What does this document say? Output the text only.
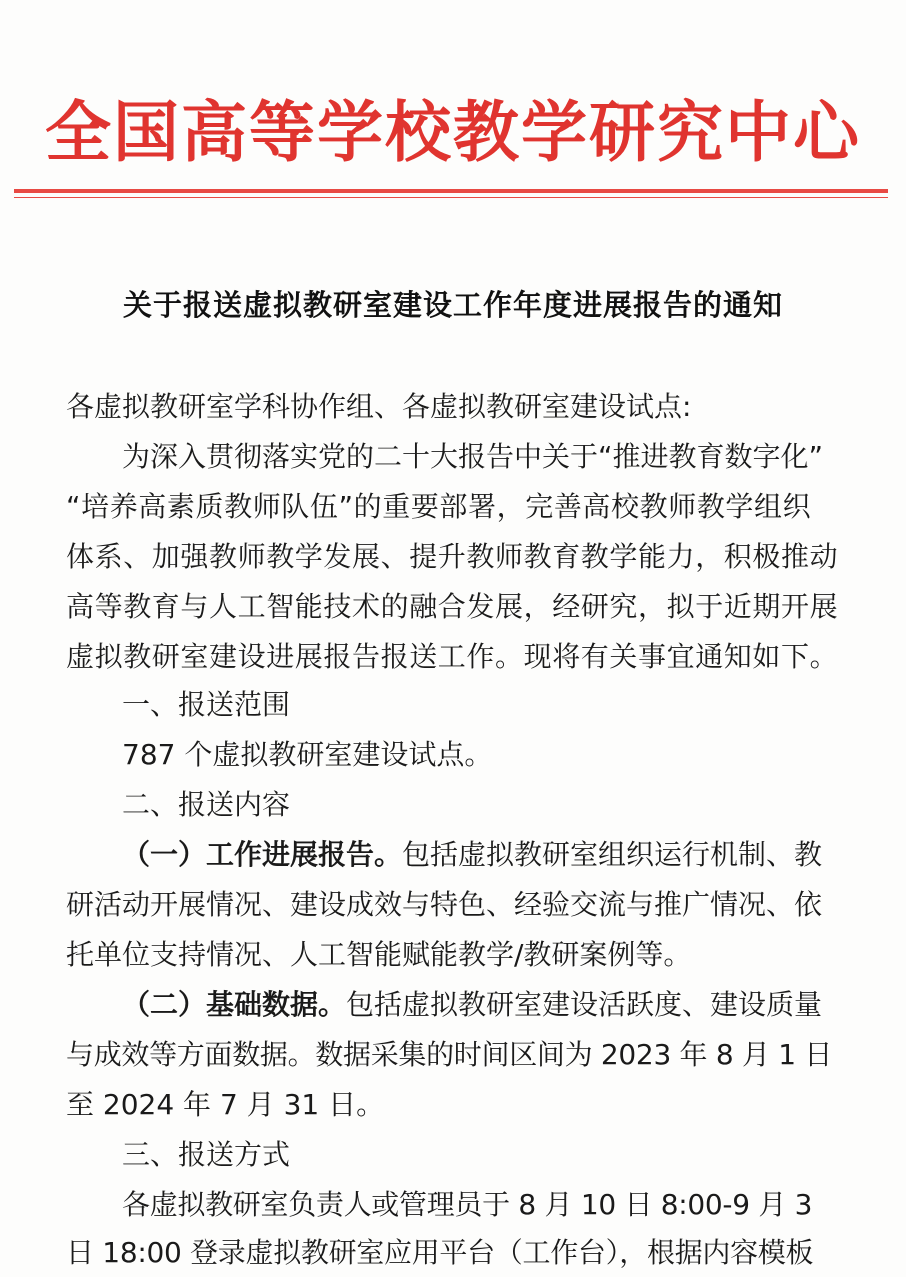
全国高等学校教学研究中心
关于报送虚拟教研室建设工作年度进展报告的通知
各虚拟教研室学科协作组、各虚拟教研室建设试点:
为深入贯彻落实党的二十大报告中关于“推进教育数字化”
“培养高素质教师队伍”的重要部署，完善高校教师教学组织
体系、加强教师教学发展、提升教师教育教学能力，积极推动
高等教育与人工智能技术的融合发展，经研究，拟于近期开展
虚拟教研室建设进展报告报送工作。现将有关事宜通知如下。
一、报送范围
787 个虚拟教研室建设试点。
二、报送内容
（一）工作进展报告。包括虚拟教研室组织运行机制、教
研活动开展情况、建设成效与特色、经验交流与推广情况、依
托单位支持情况、人工智能赋能教学/教研案例等。
（二）基础数据。包括虚拟教研室建设活跃度、建设质量
与成效等方面数据。数据采集的时间区间为 2023 年 8 月 1 日
至 2024 年 7 月 31 日。
三、报送方式
各虚拟教研室负责人或管理员于 8 月 10 日 8:00-9 月 3
日 18:00 登录虚拟教研室应用平台（工作台），根据内容模板
